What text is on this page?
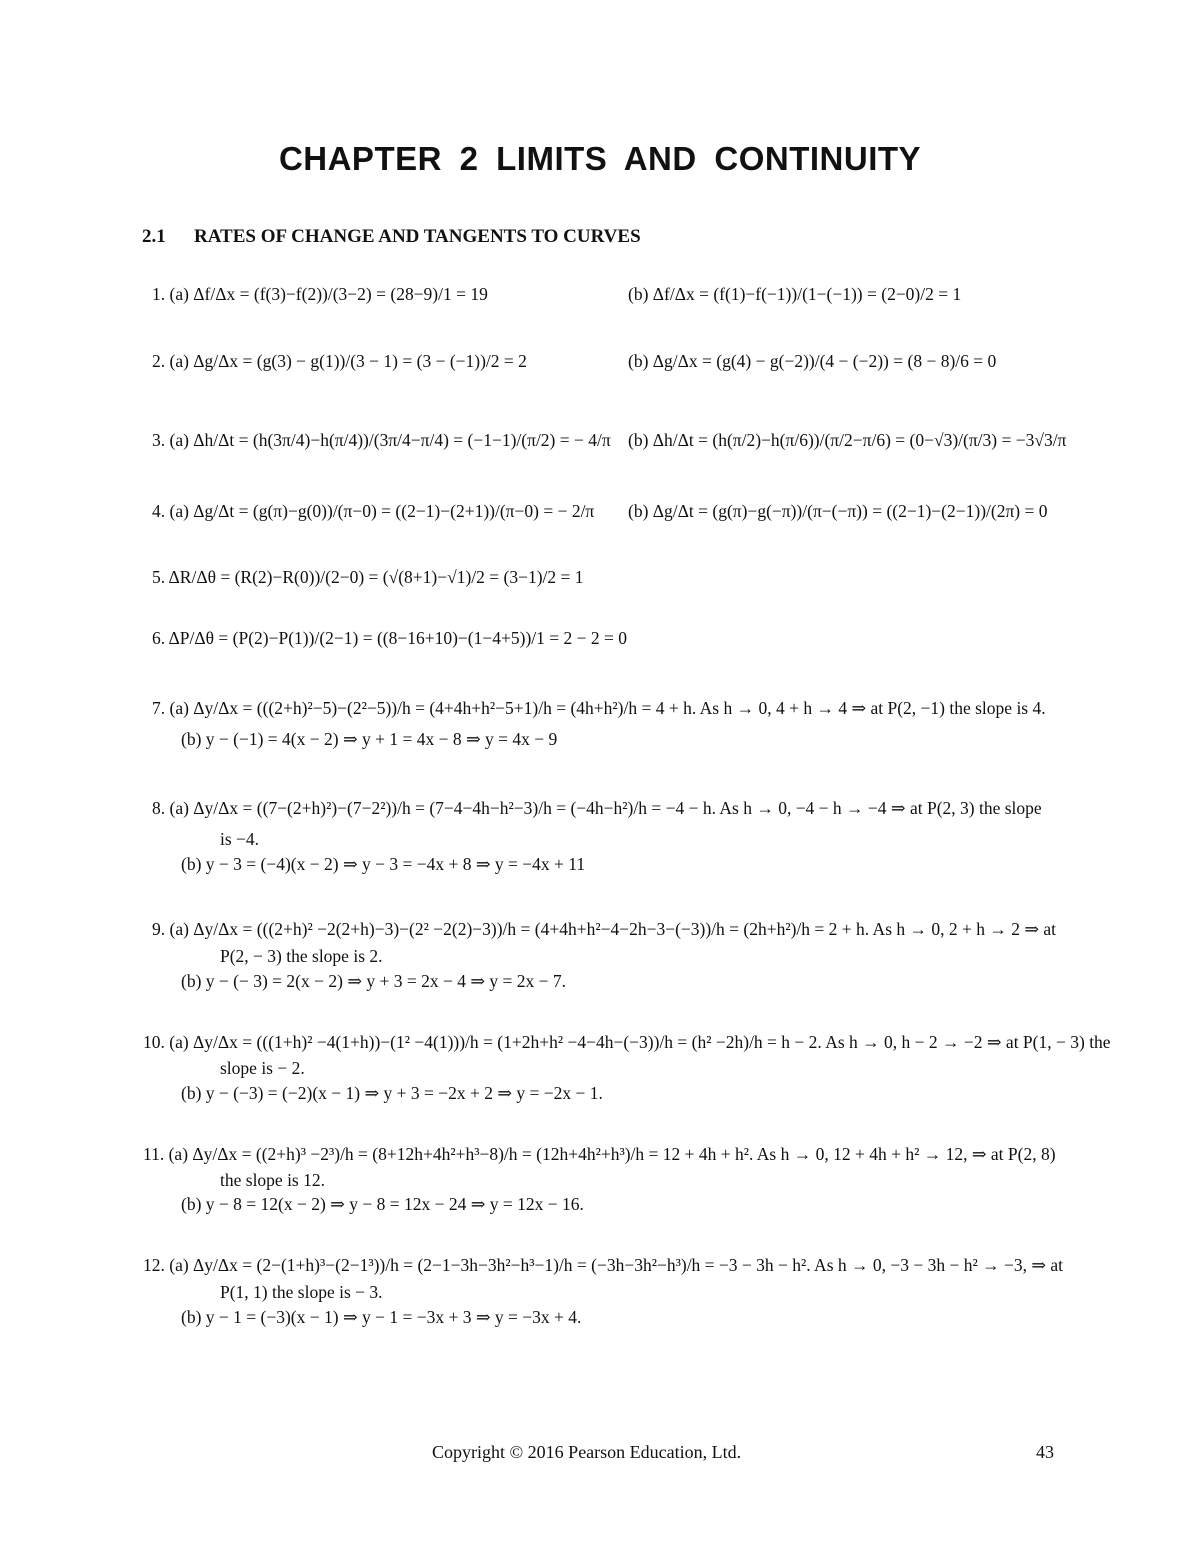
CHAPTER 2 LIMITS AND CONTINUITY
2.1 RATES OF CHANGE AND TANGENTS TO CURVES
1. (a) Δf/Δx = (f(3)−f(2))/(3−2) = (28−9)/1 = 19	(b) Δf/Δx = (f(1)−f(−1))/(1−(−1)) = (2−0)/2 = 1
2. (a) Δg/Δx = (g(3) − g(1))/(3 − 1) = (3 − (−1))/2 = 2	(b) Δg/Δx = (g(4) − g(−2))/(4 − (−2)) = (8 − 8)/6 = 0
3. (a) Δh/Δt = (h(3π/4)−h(π/4))/(3π/4−π/4) = (−1−1)/(π/2) = − 4/π (b) Δh/Δt = (h(π/2)−h(π/6))/(π/2−π/6) = (0−√3)/(π/3) = −3√3/π
4. (a) Δg/Δt = (g(π)−g(0))/(π−0) = ((2−1)−(2+1))/(π−0) = − 2/π (b) Δg/Δt = (g(π)−g(−π))/(π−(−π)) = ((2−1)−(2−1))/(2π) = 0
5. ΔR/Δθ = (R(2)−R(0))/(2−0) = (√(8+1)−√1)/2 = (3−1)/2 = 1
6. ΔP/Δθ = (P(2)−P(1))/(2−1) = ((8−16+10)−(1−4+5))/1 = 2 − 2 = 0
7. (a) Δy/Δx = (((2+h)²−5)−(2²−5))/h = (4+4h+h²−5+1)/h = (4h+h²)/h = 4 + h. As h → 0, 4 + h → 4 ⇒ at P(2, −1) the slope is 4.
(b) y − (−1) = 4(x − 2) ⇒ y + 1 = 4x − 8 ⇒ y = 4x − 9
8. (a) Δy/Δx = ((7−(2+h)²)−(7−2²))/h = (7−4−4h−h²−3)/h = (−4h−h²)/h = −4 − h. As h → 0, −4 − h → −4 ⇒ at P(2, 3) the slope
is −4.
(b) y − 3 = (−4)(x − 2) ⇒ y − 3 = −4x + 8 ⇒ y = −4x + 11
9. (a) Δy/Δx = (((2+h)² −2(2+h)−3)−(2² −2(2)−3))/h = (4+4h+h²−4−2h−3−(−3))/h = (2h+h²)/h = 2 + h. As h → 0, 2 + h → 2 ⇒ at
P(2, − 3) the slope is 2.
(b) y − (− 3) = 2(x − 2) ⇒ y + 3 = 2x − 4 ⇒ y = 2x − 7.
10. (a) Δy/Δx = (((1+h)² −4(1+h))−(1² −4(1)))/h = (1+2h+h² −4−4h−(−3))/h = (h² −2h)/h = h − 2. As h → 0, h − 2 → −2 ⇒ at P(1, − 3) the
slope is − 2.
(b) y − (−3) = (−2)(x − 1) ⇒ y + 3 = −2x + 2 ⇒ y = −2x − 1.
11. (a) Δy/Δx = ((2+h)³ −2³)/h = (8+12h+4h²+h³−8)/h = (12h+4h²+h³)/h = 12 + 4h + h². As h → 0, 12 + 4h + h² → 12, ⇒ at P(2, 8)
the slope is 12.
(b) y − 8 = 12(x − 2) ⇒ y − 8 = 12x − 24 ⇒ y = 12x − 16.
12. (a) Δy/Δx = (2−(1+h)³−(2−1³))/h = (2−1−3h−3h²−h³−1)/h = (−3h−3h²−h³)/h = −3 − 3h − h². As h → 0, −3 − 3h − h² → −3, ⇒ at
P(1, 1) the slope is − 3.
(b) y − 1 = (−3)(x − 1) ⇒ y − 1 = −3x + 3 ⇒ y = −3x + 4.
Copyright © 2016 Pearson Education, Ltd.	43
